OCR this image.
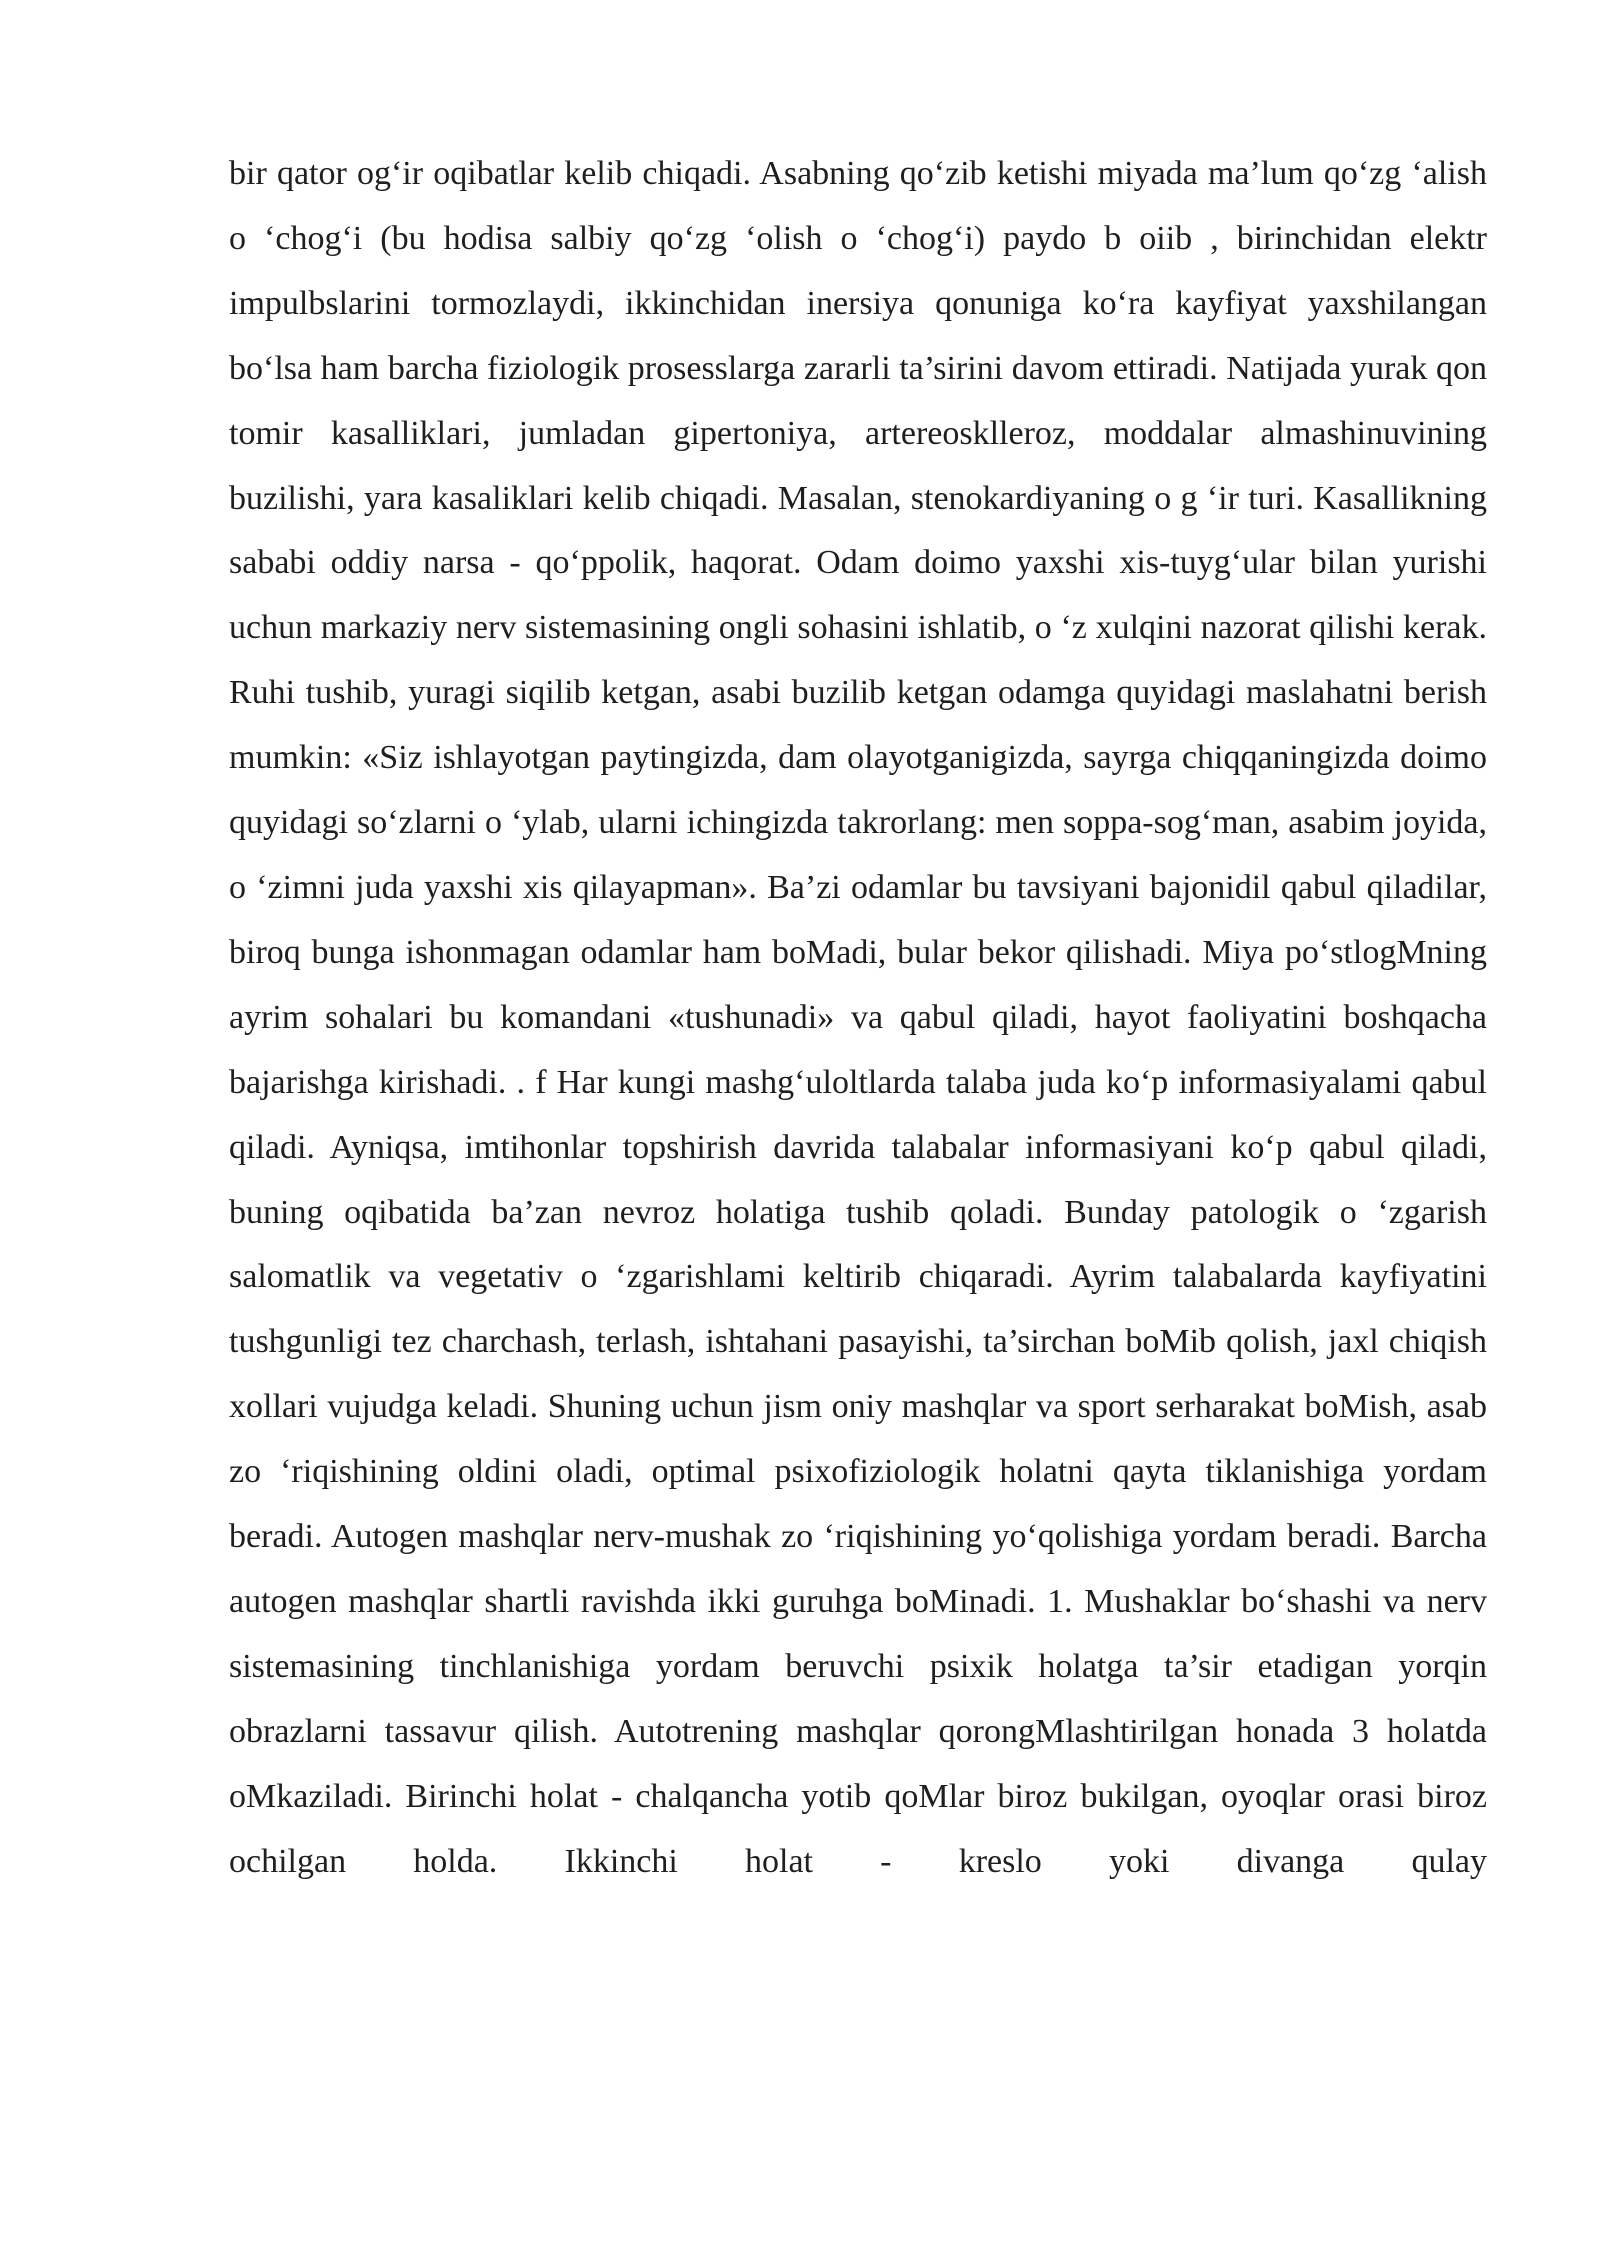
bir qator og‘ir oqibatlar kelib chiqadi. Asabning qo‘zib ketishi miyada ma’lum qo‘zg ‘alish o ‘chog‘i (bu hodisa salbiy qo‘zg ‘olish o ‘chog‘i) paydo b oiib , birinchidan elektr impulbslarini tormozlaydi, ikkinchidan inersiya qonuniga ko‘ra kayfiyat yaxshilangan bo‘lsa ham barcha fiziologik prosesslarga zararli ta’sirini davom ettiradi. Natijada yurak qon tomir kasalliklari, jumladan gipertoniya, artereosklleroz, moddalar almashinuvining buzilishi, yara kasaliklari kelib chiqadi. Masalan, stenokardiyaning o g ‘ir turi. Kasallikning sababi oddiy narsa - qo‘ppolik, haqorat. Odam doimo yaxshi xis-tuyg‘ular bilan yurishi uchun markaziy nerv sistemasining ongli sohasini ishlatib, o ‘z xulqini nazorat qilishi kerak. Ruhi tushib, yuragi siqilib ketgan, asabi buzilib ketgan odamga quyidagi maslahatni berish mumkin: «Siz ishlayotgan paytingizda, dam olayotganigizda, sayrga chiqqaningizda doimo quyidagi so‘zlarni o ‘ylab, ularni ichingizda takrorlang: men soppa-sog‘man, asabim joyida, o ‘zimni juda yaxshi xis qilayapman». Ba’zi odamlar bu tavsiyani bajonidil qabul qiladilar, biroq bunga ishonmagan odamlar ham boMadi, bular bekor qilishadi. Miya po‘stlogMning ayrim sohalari bu komandani «tushunadi» va qabul qiladi, hayot faoliyatini boshqacha bajarishga kirishadi. . f Har kungi mashg‘uloltlarda talaba juda ko‘p informasiyalami qabul qiladi. Ayniqsa, imtihonlar topshirish davrida talabalar informasiyani ko‘p qabul qiladi, buning oqibatida ba’zan nevroz holatiga tushib qoladi. Bunday patologik o ‘zgarish salomatlik va vegetativ o ‘zgarishlami keltirib chiqaradi. Ayrim talabalarda kayfiyatini tushgunligi tez charchash, terlash, ishtahani pasayishi, ta’sirchan boMib qolish, jaxl chiqish xollari vujudga keladi. Shuning uchun jism oniy mashqlar va sport serharakat boMish, asab zo ‘riqishining oldini oladi, optimal psixofiziologik holatni qayta tiklanishiga yordam beradi. Autogen mashqlar nerv-mushak zo ‘riqishining yo‘qolishiga yordam beradi. Barcha autogen mashqlar shartli ravishda ikki guruhga boMinadi. 1. Mushaklar bo‘shashi va nerv sistemasining tinchlanishiga yordam beruvchi psixik holatga ta’sir etadigan yorqin obrazlarni tassavur qilish. Autotrening mashqlar qorongMlashtirilgan honada 3 holatda oMkaziladi. Birinchi holat - chalqancha yotib qoMlar biroz bukilgan, oyoqlar orasi biroz ochilgan holda. Ikkinchi holat - kreslo yoki divanga qulay
